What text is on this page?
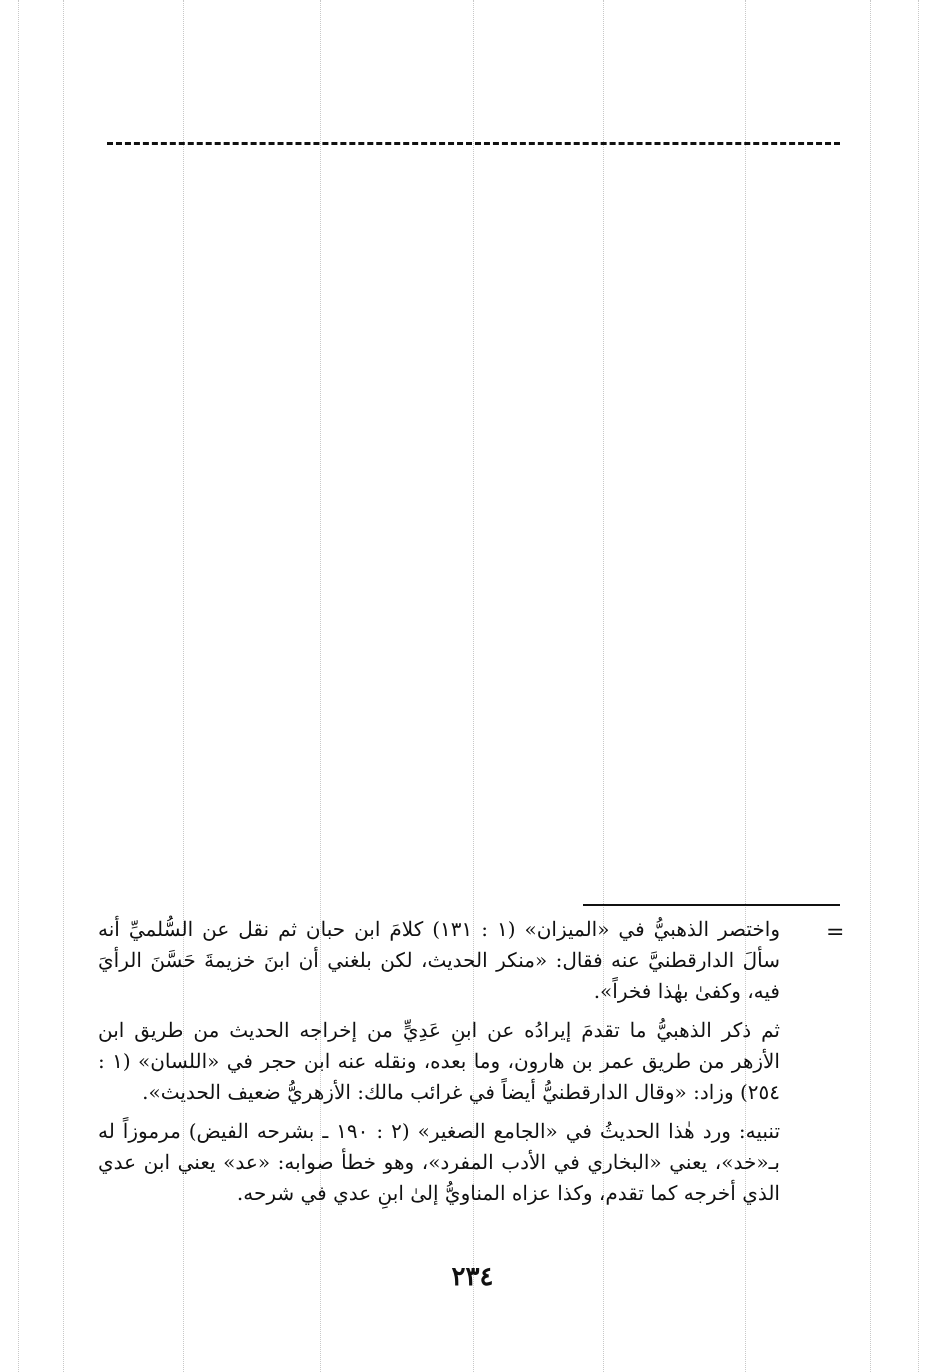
=

واختصر الذهبيُّ في «الميزان» (١ : ١٣١) كلامَ ابن حبان ثم نقل عن السُّلميِّ أنه سألَ الدارقطنيَّ عنه فقال: «منكر الحديث، لكن بلغني أن ابنَ خزيمةَ حَسَّنَ الرأيَ فيه، وكفىٰ بهٰذا فخراً».

ثم ذكر الذهبيُّ ما تقدمَ إيرادُه عن ابنِ عَدِيٍّ من إخراجه الحديث من طريق ابن الأزهر من طريق عمر بن هارون، وما بعده، ونقله عنه ابن حجر في «اللسان» (١ : ٢٥٤) وزاد: «وقال الدارقطنيُّ أيضاً في غرائب مالك: الأزهريُّ ضعيف الحديث».

تنبيه: ورد هٰذا الحديثُ في «الجامع الصغير» (٢ : ١٩٠ ـ بشرحه الفيض) مرموزاً له بـ«خد»، يعني «البخاري في الأدب المفرد»، وهو خطأ صوابه: «عد» يعني ابن عدي الذي أخرجه كما تقدم، وكذا عزاه المناويُّ إلىٰ ابنِ عدي في شرحه.

٢٣٤
